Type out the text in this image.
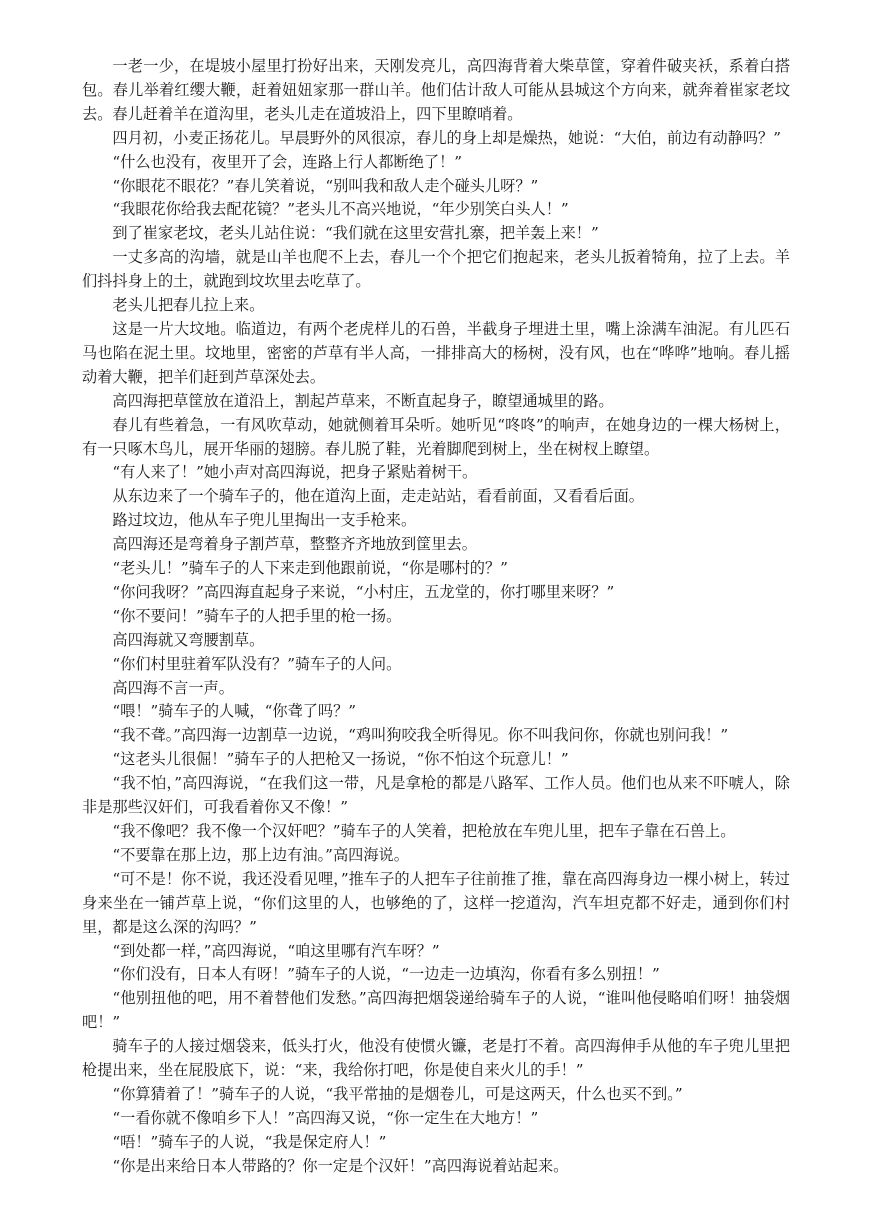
一老一少，在堤坡小屋里打扮好出来，天刚发亮儿，高四海背着大柴草筐，穿着件破夹袄，系着白搭包。春儿举着红缨大鞭，赶着妞妞家那一群山羊。他们估计敌人可能从县城这个方向来，就奔着崔家老坟去。春儿赶着羊在道沟里，老头儿走在道坡沿上，四下里瞭哨着。

四月初，小麦正扬花儿。早晨野外的风很凉，春儿的身上却是燥热，她说：“大伯，前边有动静吗？”

“什么也没有，夜里开了会，连路上行人都断绝了！”

“你眼花不眼花？”春儿笑着说，“别叫我和敌人走个碰头儿呀？”

“我眼花你给我去配花镜？”老头儿不高兴地说，“年少别笑白头人！”

到了崔家老坟，老头儿站住说：“我们就在这里安营扎寨，把羊轰上来！”

一丈多高的沟墙，就是山羊也爬不上去，春儿一个个把它们抱起来，老头儿扳着犄角，拉了上去。羊们抖抖身上的土，就跑到坟坎里去吃草了。

老头儿把春儿拉上来。

这是一片大坟地。临道边，有两个老虎样儿的石兽，半截身子埋进土里，嘴上涂满车油泥。有儿匹石马也陷在泥土里。坟地里，密密的芦草有半人高，一排排高大的杨树，没有风，也在“哗哗”地响。春儿摇动着大鞭，把羊们赶到芦草深处去。

高四海把草筐放在道沿上，割起芦草来，不断直起身子，瞭望通城里的路。

春儿有些着急，一有风吹草动，她就侧着耳朵听。她听见“咚咚”的响声，在她身边的一棵大杨树上，有一只啄木鸟儿，展开华丽的翅膀。春儿脱了鞋，光着脚爬到树上，坐在树杈上瞭望。

“有人来了！”她小声对高四海说，把身子紧贴着树干。

从东边来了一个骑车子的，他在道沟上面，走走站站，看看前面，又看看后面。

路过坟边，他从车子兜儿里掏出一支手枪来。

高四海还是弯着身子割芦草，整整齐齐地放到筐里去。

“老头儿！”骑车子的人下来走到他跟前说，“你是哪村的？”

“你问我呀？”高四海直起身子来说，“小村庄，五龙堂的，你打哪里来呀？”

“你不要问！”骑车子的人把手里的枪一扬。

高四海就又弯腰割草。

“你们村里驻着军队没有？”骑车子的人问。

高四海不言一声。

“喂！”骑车子的人喊，“你聋了吗？”

“我不聋。”高四海一边割草一边说，“鸡叫狗咬我全听得见。你不叫我问你，你就也别问我！”

“这老头儿很倔！”骑车子的人把枪又一扬说，“你不怕这个玩意儿！”

“我不怕，”高四海说，“在我们这一带，凡是拿枪的都是八路军、工作人员。他们也从来不吓唬人，除非是那些汉奸们，可我看着你又不像！”

“我不像吧？我不像一个汉奸吧？”骑车子的人笑着，把枪放在车兜儿里，把车子靠在石兽上。

“不要靠在那上边，那上边有油。”高四海说。

“可不是！你不说，我还没看见哩，”推车子的人把车子往前推了推，靠在高四海身边一棵小树上，转过身来坐在一铺芦草上说，“你们这里的人，也够绝的了，这样一挖道沟，汽车坦克都不好走，通到你们村里，都是这么深的沟吗？”

“到处都一样，”高四海说，“咱这里哪有汽车呀？”

“你们没有，日本人有呀！”骑车子的人说，“一边走一边填沟，你看有多么别扭！”

“他别扭他的吧，用不着替他们发愁。”高四海把烟袋递给骑车子的人说，“谁叫他侵略咱们呀！抽袋烟吧！”

骑车子的人接过烟袋来，低头打火，他没有使惯火镰，老是打不着。高四海伸手从他的车子兜儿里把枪提出来，坐在屁股底下，说：“来，我给你打吧，你是使自来火儿的手！”

“你算猜着了！”骑车子的人说，“我平常抽的是烟卷儿，可是这两天，什么也买不到。”

“一看你就不像咱乡下人！”高四海又说，“你一定生在大地方！”

“唔！”骑车子的人说，“我是保定府人！”

“你是出来给日本人带路的？你一定是个汉奸！”高四海说着站起来。
